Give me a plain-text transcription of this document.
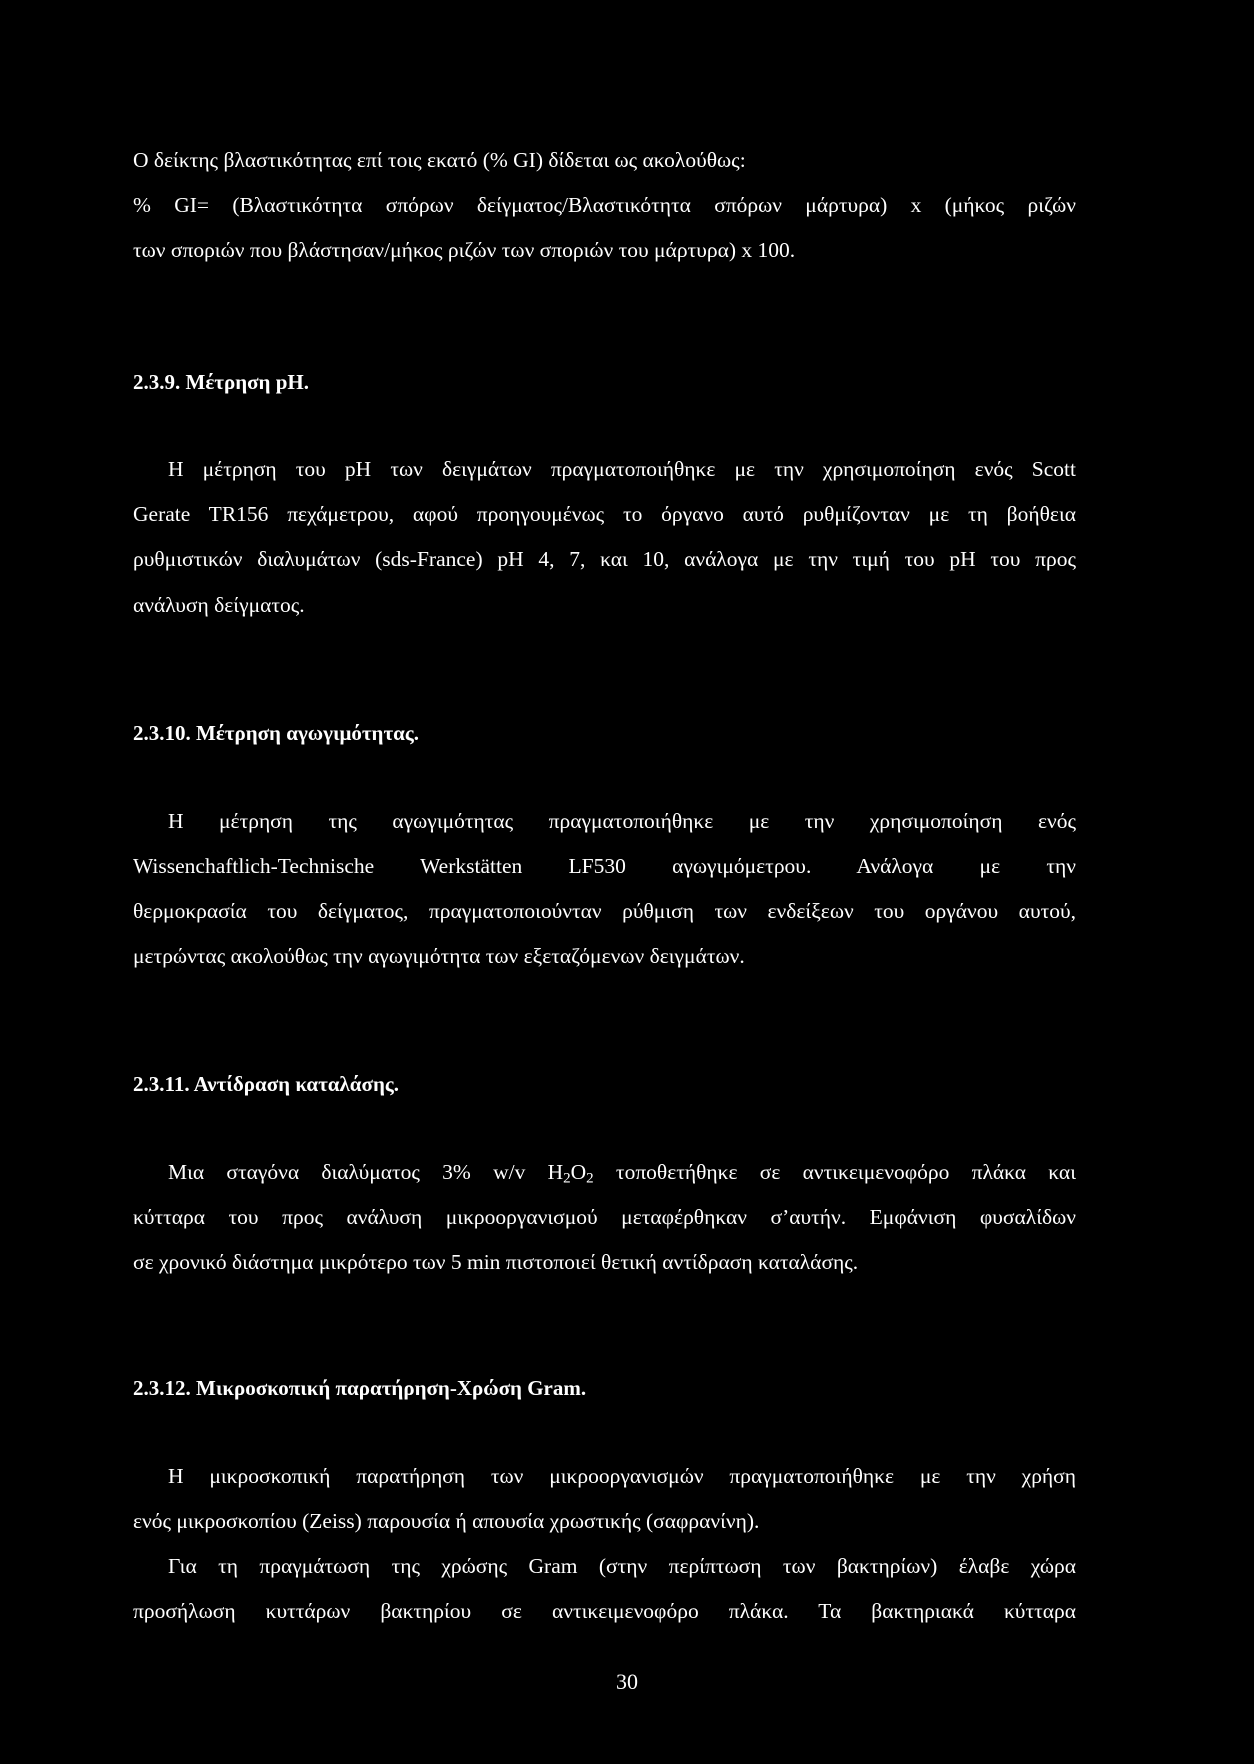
Ο δείκτης βλαστικότητας επί τοις εκατό (% GI) δίδεται ως ακολούθως:
% GI= (Βλαστικότητα σπόρων δείγματος/Βλαστικότητα σπόρων μάρτυρα) x (μήκος ριζών
των σποριών που βλάστησαν/μήκος ριζών των σποριών του μάρτυρα) x 100.
2.3.9. Μέτρηση pH.
Η μέτρηση του pH των δειγμάτων πραγματοποιήθηκε με την χρησιμοποίηση ενός Scott
Gerate TR156 πεχάμετρου, αφού προηγουμένως το όργανο αυτό ρυθμίζονταν με τη βοήθεια
ρυθμιστικών διαλυμάτων (sds-France) pH 4, 7, και 10, ανάλογα με την τιμή του pH του προς
ανάλυση δείγματος.
2.3.10. Μέτρηση αγωγιμότητας.
Η μέτρηση της αγωγιμότητας πραγματοποιήθηκε με την χρησιμοποίηση ενός
Wissenchaftlich-Technische Werkstätten LF530 αγωγιμόμετρου. Ανάλογα με την
θερμοκρασία του δείγματος, πραγματοποιούνταν ρύθμιση των ενδείξεων του οργάνου αυτού,
μετρώντας ακολούθως την αγωγιμότητα των εξεταζόμενων δειγμάτων.
2.3.11. Αντίδραση καταλάσης.
Μια σταγόνα διαλύματος 3% w/v $H_2O_2$ τοποθετήθηκε σε αντικειμενοφόρο πλάκα και
κύτταρα του προς ανάλυση μικροοργανισμού μεταφέρθηκαν σ’αυτήν. Εμφάνιση φυσαλίδων
σε χρονικό διάστημα μικρότερο των 5 min πιστοποιεί θετική αντίδραση καταλάσης.
2.3.12. Μικροσκοπική παρατήρηση-Χρώση Gram.
Η μικροσκοπική παρατήρηση των μικροοργανισμών πραγματοποιήθηκε με την χρήση
ενός μικροσκοπίου (Zeiss) παρουσία ή απουσία χρωστικής (σαφρανίνη).
Για τη πραγμάτωση της χρώσης Gram (στην περίπτωση των βακτηρίων) έλαβε χώρα
προσήλωση κυττάρων βακτηρίου σε αντικειμενοφόρο πλάκα. Τα βακτηριακά κύτταρα
30
